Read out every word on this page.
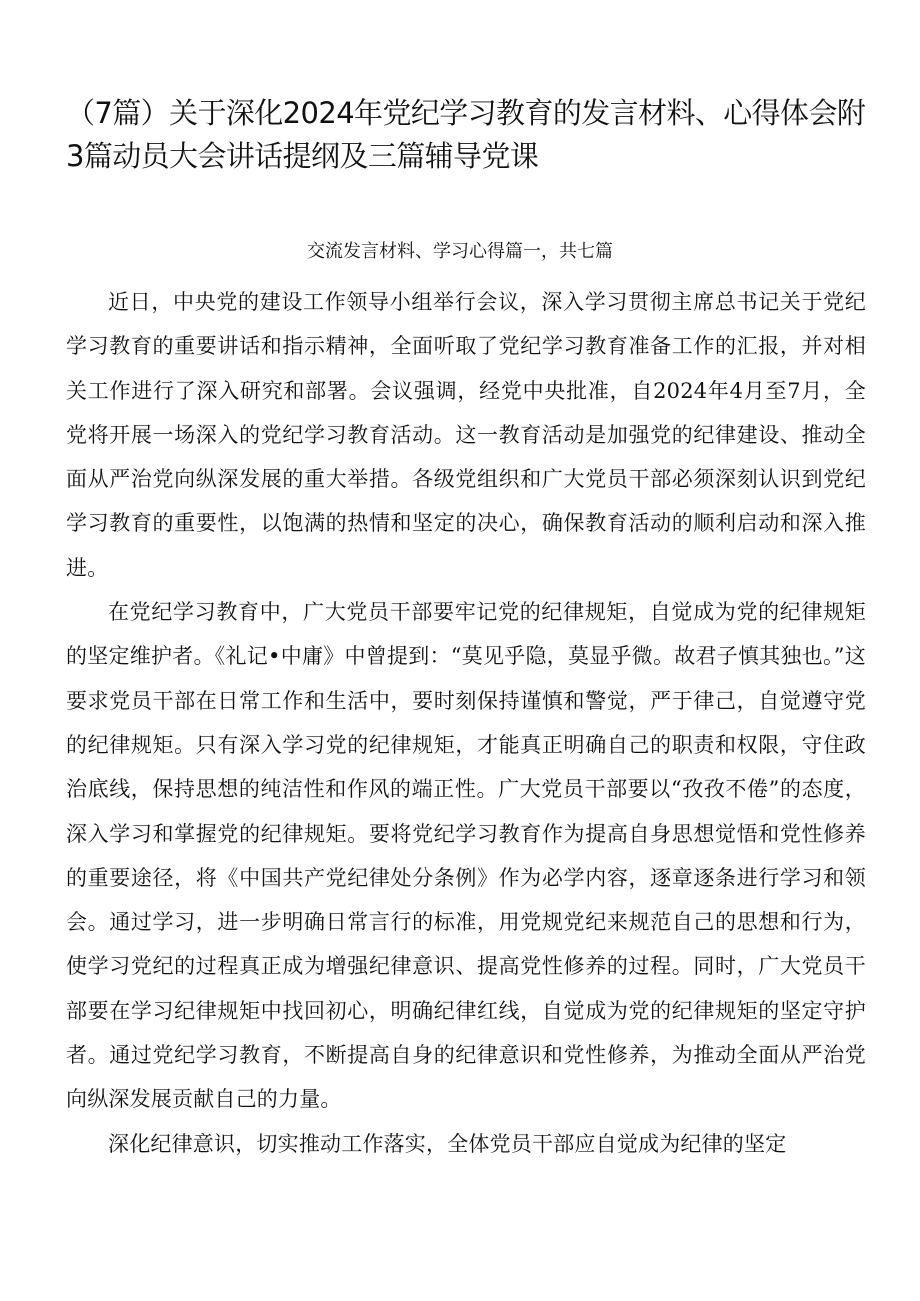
（7篇）关于深化2024年党纪学习教育的发言材料、心得体会附3篇动员大会讲话提纲及三篇辅导党课
交流发言材料、学习心得篇一，共七篇

近日，中央党的建设工作领导小组举行会议，深入学习贯彻主席总书记关于党纪学习教育的重要讲话和指示精神，全面听取了党纪学习教育准备工作的汇报，并对相关工作进行了深入研究和部署。会议强调，经党中央批准，自2024年4月至7月，全党将开展一场深入的党纪学习教育活动。这一教育活动是加强党的纪律建设、推动全面从严治党向纵深发展的重大举措。各级党组织和广大党员干部必须深刻认识到党纪学习教育的重要性，以饱满的热情和坚定的决心，确保教育活动的顺利启动和深入推进。

在党纪学习教育中，广大党员干部要牢记党的纪律规矩，自觉成为党的纪律规矩的坚定维护者。《礼记•中庸》中曾提到：“莫见乎隐，莫显乎微。故君子慎其独也。”这要求党员干部在日常工作和生活中，要时刻保持谨慎和警觉，严于律己，自觉遵守党的纪律规矩。只有深入学习党的纪律规矩，才能真正明确自己的职责和权限，守住政治底线，保持思想的纯洁性和作风的端正性。广大党员干部要以“孜孜不倦”的态度，深入学习和掌握党的纪律规矩。要将党纪学习教育作为提高自身思想觉悟和党性修养的重要途径，将《中国共产党纪律处分条例》作为必学内容，逐章逐条进行学习和领会。通过学习，进一步明确日常言行的标准，用党规党纪来规范自己的思想和行为，使学习党纪的过程真正成为增强纪律意识、提高党性修养的过程。同时，广大党员干部要在学习纪律规矩中找回初心，明确纪律红线，自觉成为党的纪律规矩的坚定守护者。通过党纪学习教育，不断提高自身的纪律意识和党性修养，为推动全面从严治党向纵深发展贡献自己的力量。

深化纪律意识，切实推动工作落实，全体党员干部应自觉成为纪律的坚定
